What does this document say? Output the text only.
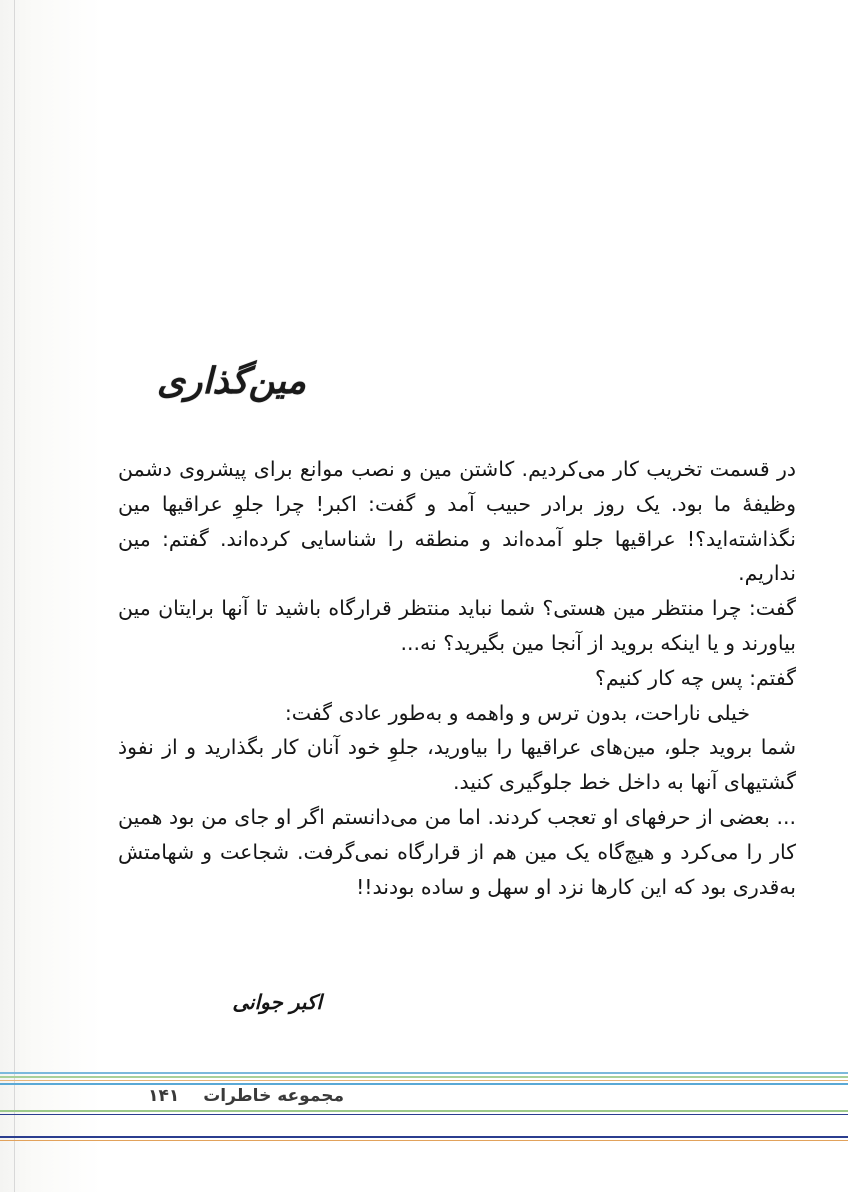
مین‌گذاری

در قسمت تخریب کار می‌کردیم. کاشتن مین و نصب موانع برای پیشروی دشمن وظیفهٔ ما بود. یک روز برادر حبیب آمد و گفت: اکبر! چرا جلوِ عراقیها مین نگذاشته‌اید؟! عراقیها جلو آمده‌اند و منطقه را شناسایی کرده‌اند. گفتم: مین نداریم.

گفت: چرا منتظر مین هستی؟ شما نباید منتظر قرارگاه باشید تا آنها برایتان مین بیاورند و یا اینکه بروید از آنجا مین بگیرید؟ نه...

گفتم: پس چه کار کنیم؟

خیلی ناراحت، بدون ترس و واهمه و به‌طور عادی گفت:

شما بروید جلو، مین‌های عراقیها را بیاورید، جلوِ خود آنان کار بگذارید و از نفوذ گشتیهای آنها به داخل خط جلوگیری کنید.

... بعضی از حرفهای او تعجب کردند. اما من می‌دانستم اگر او جای من بود همین کار را می‌کرد و هیچ‌گاه یک مین هم از قرارگاه نمی‌گرفت. شجاعت و شهامتش به‌قدری بود که این کارها نزد او سهل و ساده بودند!!

اکبر جوانی
مجموعه خاطرات ۱۴۱
